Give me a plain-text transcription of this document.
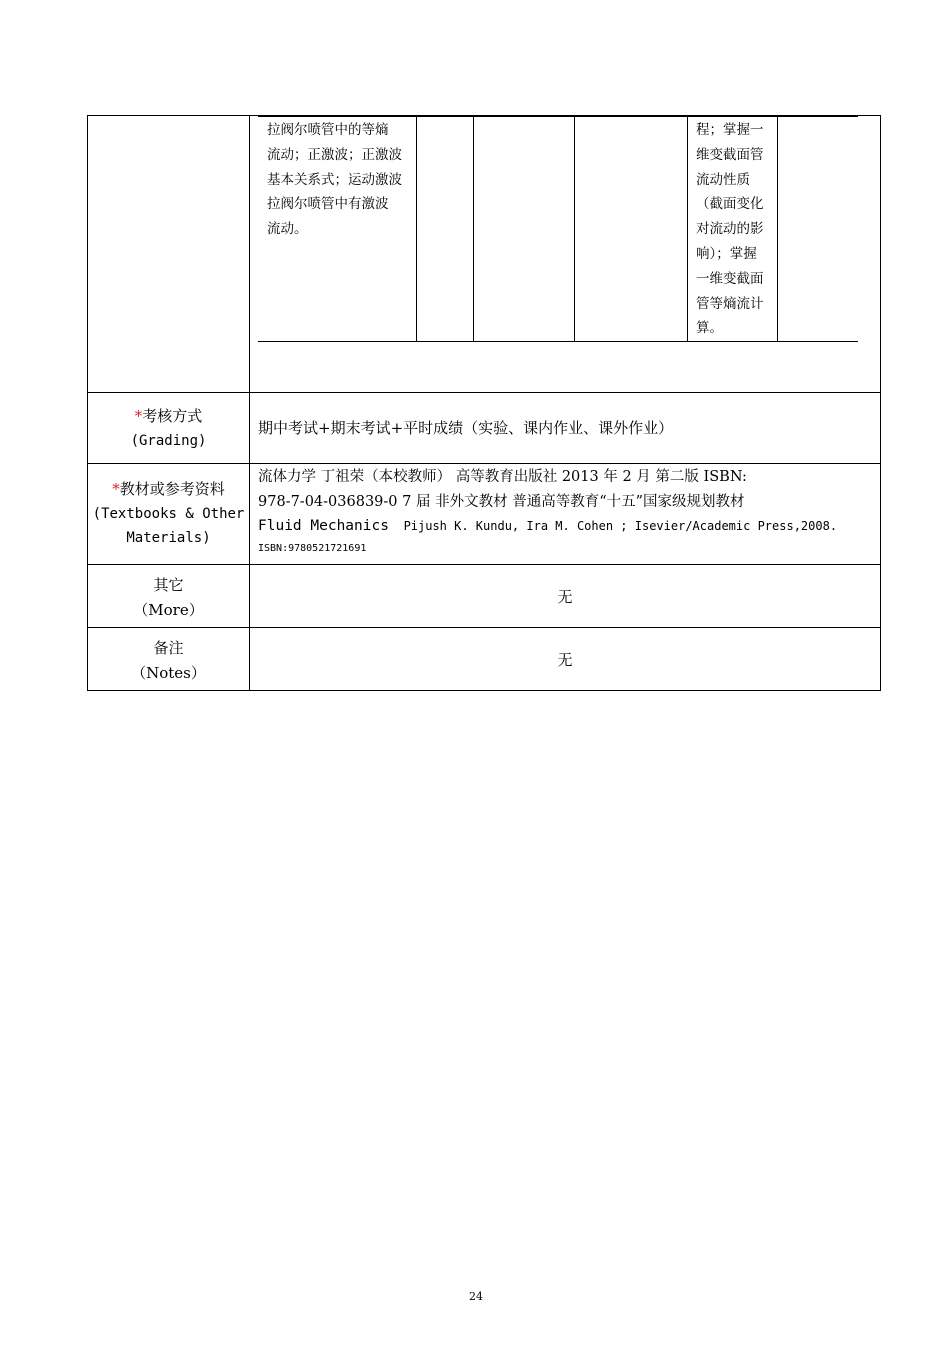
拉阀尔喷管中的等熵
流动；正激波；正激波
基本关系式；运动激波
拉阀尔喷管中有激波
流动。
程；掌握一
维变截面管
流动性质
（截面变化
对流动的影
响）；掌握
一维变截面
管等熵流计
算。
*考核方式
(Grading)
期中考试+期末考试+平时成绩（实验、课内作业、课外作业）
*教材或参考资料
(Textbooks & Other
Materials)
流体力学 丁祖荣（本校教师） 高等教育出版社 2013 年 2 月 第二版 ISBN:
978-7-04-036839-0 7 届 非外文教材 普通高等教育“十五”国家级规划教材
Fluid Mechanics Pijush K. Kundu, Ira M. Cohen ; Isevier/Academic Press,2008.
ISBN:9780521721691
其它
（More）
无
备注
（Notes）
无
24
